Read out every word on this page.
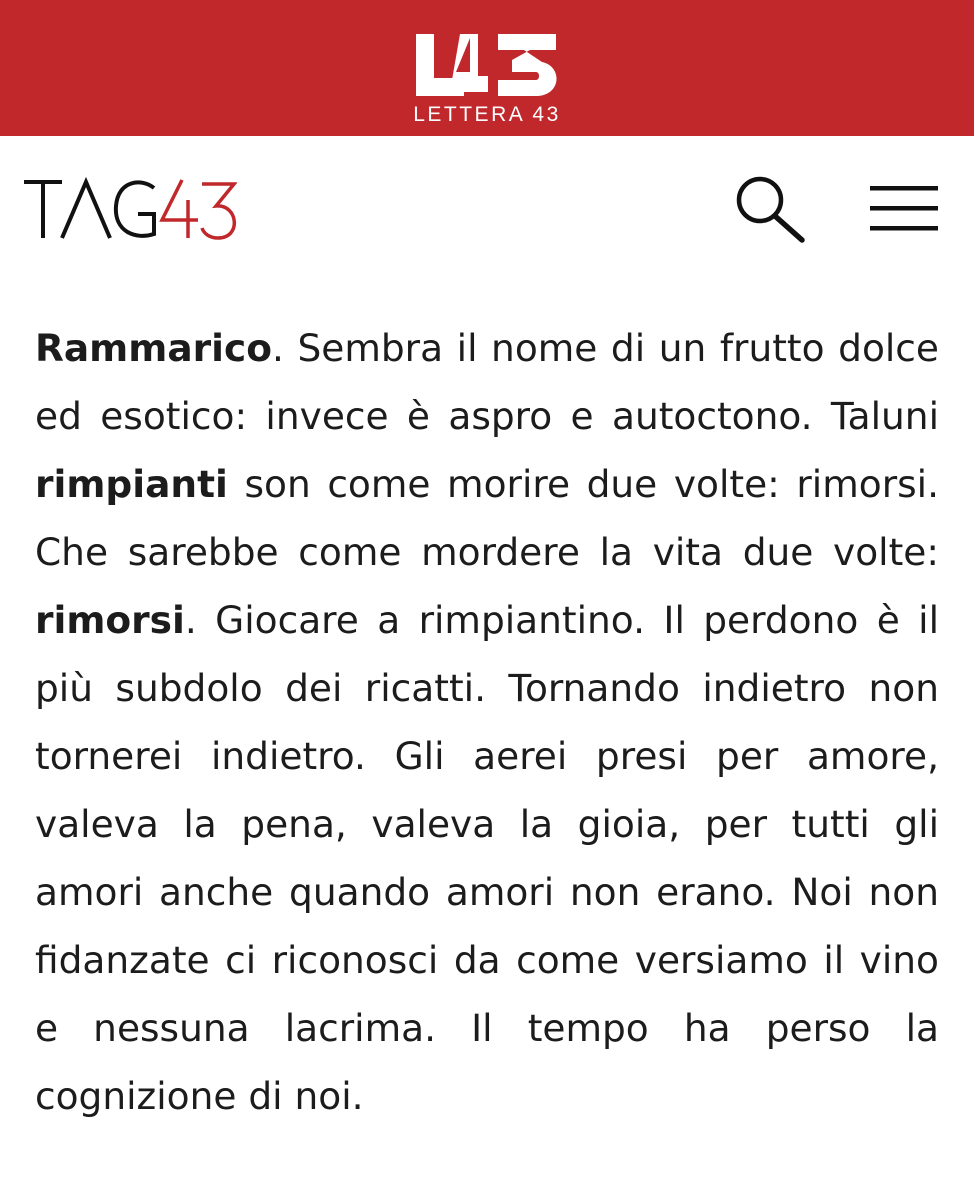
LETTERA 43
Rammarico. Sembra il nome di un frutto dolce ed esotico: invece è aspro e autoctono. Taluni rimpianti son come morire due volte: rimorsi. Che sarebbe come mordere la vita due volte: rimorsi. Giocare a rimpiantino. Il perdono è il più subdolo dei ricatti. Tornando indietro non tornerei indietro. Gli aerei presi per amore, valeva la pena, valeva la gioia, per tutti gli amori anche quando amori non erano. Noi non fidanzate ci riconosci da come versiamo il vino e nessuna lacrima. Il tempo ha perso la cognizione di noi.
